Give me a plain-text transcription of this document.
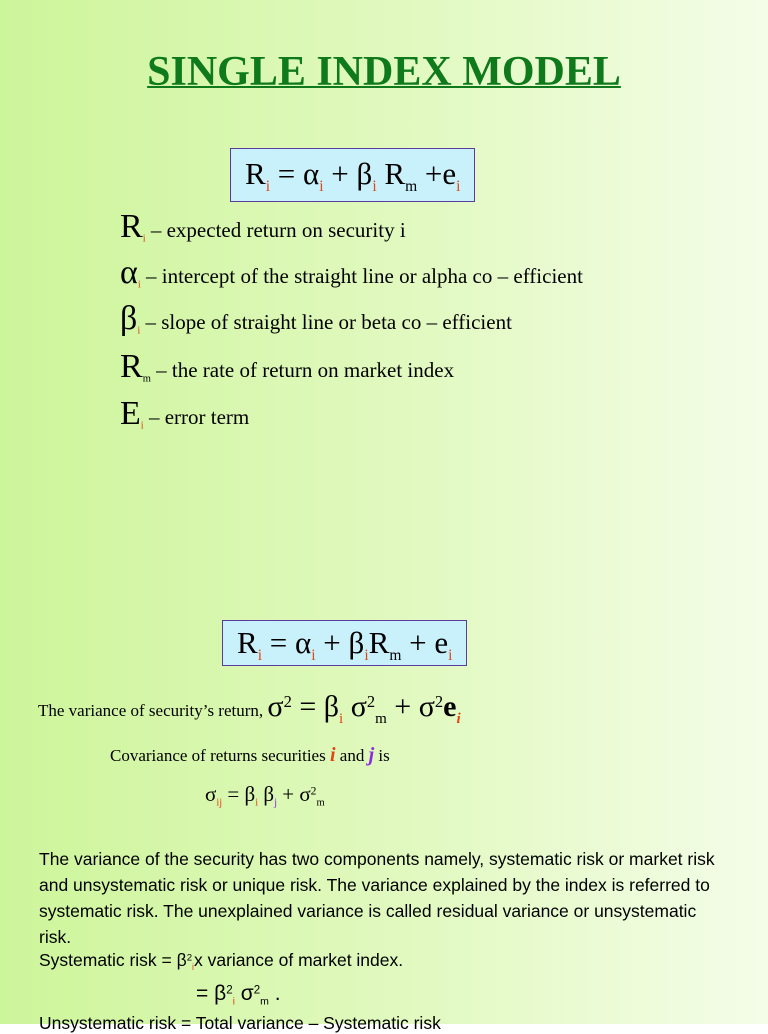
SINGLE INDEX MODEL
$R_i = \alpha_i + \beta_i$ $R_m +e_i$
$R_i$ – expected return on security i
$\alpha_i$ – intercept of the straight line or alpha co – efficient
$\beta_i$ – slope of straight line or beta co – efficient
$R_m$ – the rate of return on market index
$E_i$ – error term
$R_i = \alpha_i + \beta_iR_m + e_i$
The variance of security’s return, $\sigma^2 = \beta_i$ $\sigma^2_m + \sigma^2e_i$
Covariance of returns securities i and j is
$\sigma_{ij} = \beta_i$ $\beta_j + \sigma^2_m$
The variance of the security has two components namely, systematic risk or market risk and unsystematic risk or unique risk. The variance explained by the index is referred to systematic risk. The unexplained variance is called residual variance or unsystematic risk.
Systematic risk = $\beta^2_ix$ variance of market index.
= $\beta^2_i$ $\sigma^2_m$ .
Unsystematic risk = Total variance – Systematic risk
